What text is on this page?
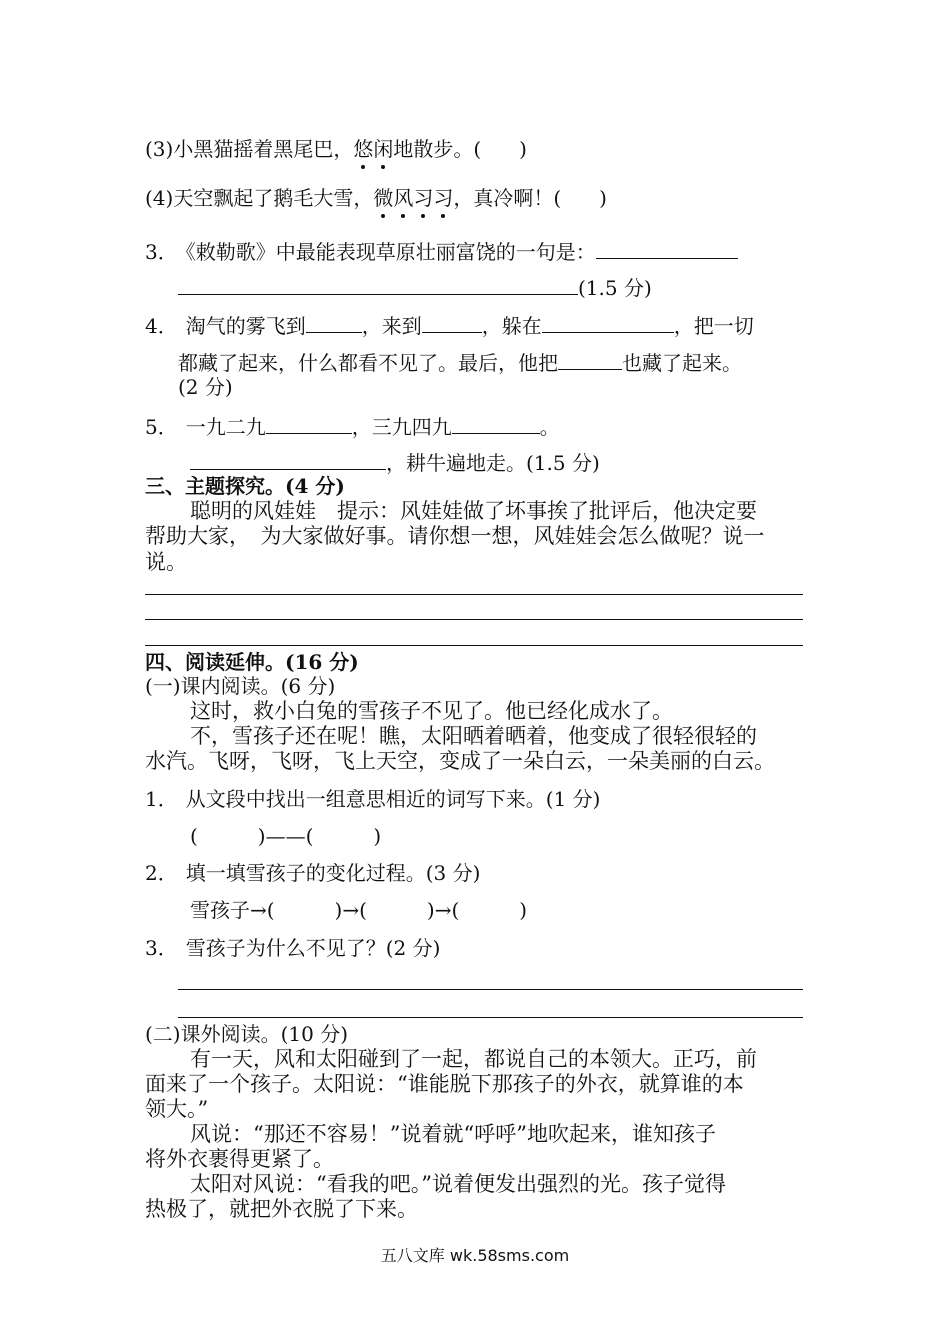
(3)小黑猫摇着黑尾巴，悠闲地散步。( )
(4)天空飘起了鹅毛大雪，微风习习，真冷啊！( )
3． 《敕勒歌》中最能表现草原壮丽富饶的一句是：
(1.5 分)
4． 淘气的雾飞到	，来到	，躲在	，把一切
都藏了起来，什么都看不见了。最后，他把	也藏了起来。
(2 分)
5． 一九二九	，三九四九	。
，耕牛遍地走。(1.5 分)
三、主题探究。(4 分)
聪明的风娃娃　提示：风娃娃做了坏事挨了批评后，他决定要
帮助大家，　为大家做好事。请你想一想，风娃娃会怎么做呢？说一
说。
四、阅读延伸。(16 分)
(一)课内阅读。(6 分)
这时，救小白兔的雪孩子不见了。他已经化成水了。
不，雪孩子还在呢！瞧，太阳晒着晒着，他变成了很轻很轻的
水汽。飞呀，飞呀，飞上天空，变成了一朵白云，一朵美丽的白云。
1． 从文段中找出一组意思相近的词写下来。(1 分)
(　　　)——(　　　)
2． 填一填雪孩子的变化过程。(3 分)
雪孩子→(　　　)→(　　　)→(　　　)
3． 雪孩子为什么不见了？(2 分)
(二)课外阅读。(10 分)
有一天，风和太阳碰到了一起，都说自己的本领大。正巧，前
面来了一个孩子。太阳说：“谁能脱下那孩子的外衣，就算谁的本
领大。”
风说：“那还不容易！”说着就“呼呼”地吹起来，谁知孩子
将外衣裹得更紧了。
太阳对风说：“看我的吧。”说着便发出强烈的光。孩子觉得
热极了，就把外衣脱了下来。
五八文库 wk.58sms.com
